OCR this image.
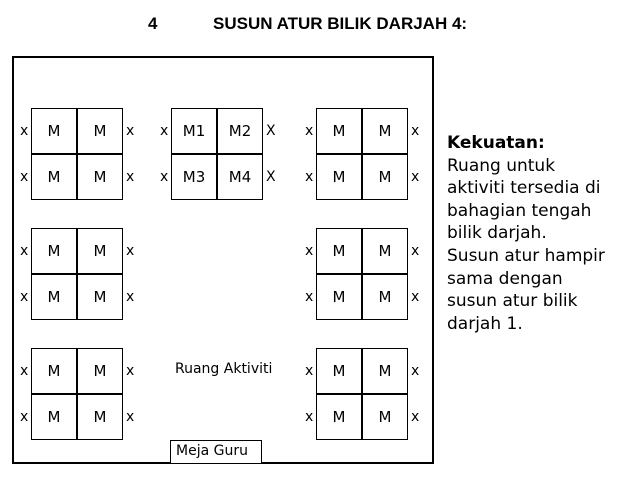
4	SUSUN ATUR BILIK DARJAH 4:
M	M
M	M
x	x
x	x
M1	M2
M3	M4
x	X
x	X
M	M
M	M
x	x
x	x
M	M
M	M
x	x
x	x
M	M
M	M
x	x
x	x
M	M
M	M
x	x
x	x
M	M
M	M
x	x
x	x
Ruang Aktiviti
Meja Guru
Kekuatan:
Ruang untuk
aktiviti tersedia di
bahagian tengah
bilik darjah.
Susun atur hampir
sama dengan
susun atur bilik
darjah 1.
